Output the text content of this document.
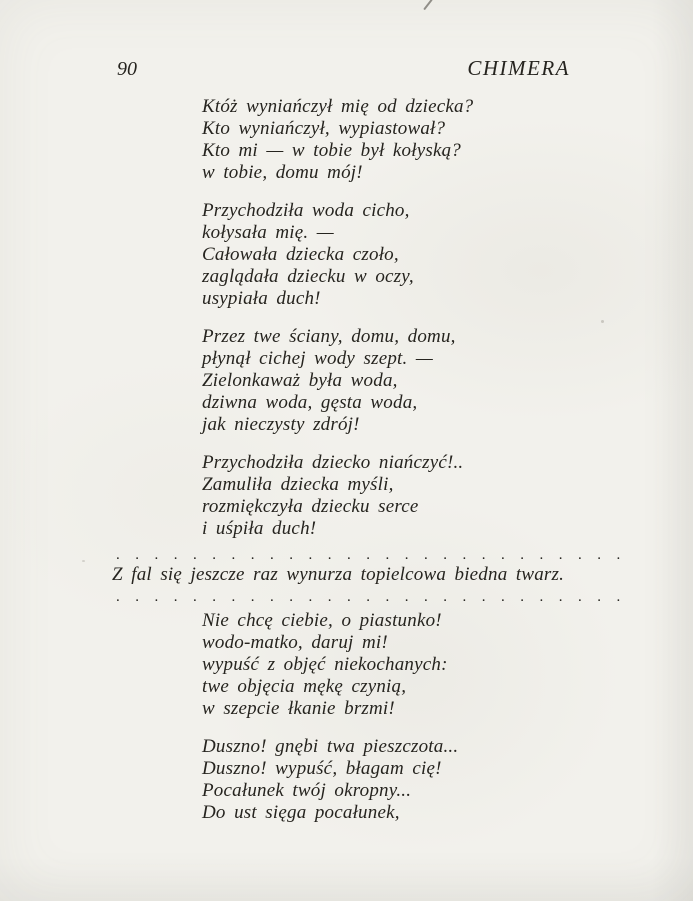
90	CHIMERA
Któż wyniańczył mię od dziecka?
Kto wyniańczył, wypiastował?
Kto mi — w tobie był kołyską?
w tobie, domu mój!
Przychodziła woda cicho,
kołysała mię. —
Całowała dziecka czoło,
zaglądała dziecku w oczy,
usypiała duch!
Przez twe ściany, domu, domu,
płynął cichej wody szept. —
Zielonkaważ była woda,
dziwna woda, gęsta woda,
jak nieczysty zdrój!
Przychodziła dziecko niańczyć!..
Zamuliła dziecka myśli,
rozmiękczyła dziecku serce
i uśpiła duch!
...........................
Z fal się jeszcze raz wynurza topielcowa biedna twarz.
...........................
Nie chcę ciebie, o piastunko!
wodo-matko, daruj mi!
wypuść z objęć niekochanych:
twe objęcia mękę czynią,
w szepcie łkanie brzmi!
Duszno! gnębi twa pieszczota...
Duszno! wypuść, błagam cię!
Pocałunek twój okropny...
Do ust sięga pocałunek,
